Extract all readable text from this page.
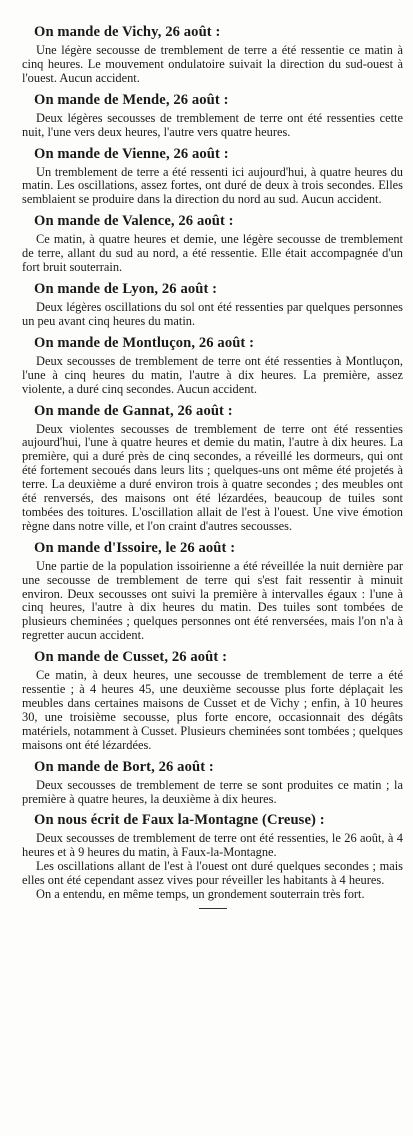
On mande de Vichy, 26 août :

Une légère secousse de tremblement de terre a été ressentie ce matin à cinq heures. Le mouvement ondulatoire suivait la direction du sud-ouest à l'ouest. Aucun accident.

On mande de Mende, 26 août :

Deux légères secousses de tremblement de terre ont été ressenties cette nuit, l'une vers deux heures, l'autre vers quatre heures.

On mande de Vienne, 26 août :

Un tremblement de terre a été ressenti ici aujourd'hui, à quatre heures du matin. Les oscillations, assez fortes, ont duré de deux à trois secondes. Elles semblaient se produire dans la direction du nord au sud. Aucun accident.

On mande de Valence, 26 août :

Ce matin, à quatre heures et demie, une légère secousse de tremblement de terre, allant du sud au nord, a été ressentie. Elle était accompagnée d'un fort bruit souterrain.

On mande de Lyon, 26 août :

Deux légères oscillations du sol ont été ressenties par quelques personnes un peu avant cinq heures du matin.

On mande de Montluçon, 26 août :

Deux secousses de tremblement de terre ont été ressenties à Montluçon, l'une à cinq heures du matin, l'autre à dix heures. La première, assez violente, a duré cinq secondes. Aucun accident.

On mande de Gannat, 26 août :

Deux violentes secousses de tremblement de terre ont été ressenties aujourd'hui, l'une à quatre heures et demie du matin, l'autre à dix heures. La première, qui a duré près de cinq secondes, a réveillé les dormeurs, qui ont été fortement secoués dans leurs lits ; quelques-uns ont même été projetés à terre. La deuxième a duré environ trois à quatre secondes ; des meubles ont été renversés, des maisons ont été lézardées, beaucoup de tuiles sont tombées des toitures. L'oscillation allait de l'est à l'ouest. Une vive émotion règne dans notre ville, et l'on craint d'autres secousses.

On mande d'Issoire, le 26 août :

Une partie de la population issoirienne a été réveillée la nuit dernière par une secousse de tremblement de terre qui s'est fait ressentir à minuit environ. Deux secousses ont suivi la première à intervalles égaux : l'une à cinq heures, l'autre à dix heures du matin. Des tuiles sont tombées de plusieurs cheminées ; quelques personnes ont été renversées, mais l'on n'a à regretter aucun accident.

On mande de Cusset, 26 août :

Ce matin, à deux heures, une secousse de tremblement de terre a été ressentie ; à 4 heures 45, une deuxième secousse plus forte déplaçait les meubles dans certaines maisons de Cusset et de Vichy ; enfin, à 10 heures 30, une troisième secousse, plus forte encore, occasionnait des dégâts matériels, notamment à Cusset. Plusieurs cheminées sont tombées ; quelques maisons ont été lézardées.

On mande de Bort, 26 août :

Deux secousses de tremblement de terre se sont produites ce matin ; la première à quatre heures, la deuxième à dix heures.

On nous écrit de Faux la-Montagne (Creuse) :

Deux secousses de tremblement de terre ont été ressenties, le 26 août, à 4 heures et à 9 heures du matin, à Faux-la-Montagne.

Les oscillations allant de l'est à l'ouest ont duré quelques secondes ; mais elles ont été cependant assez vives pour réveiller les habitants à 4 heures.

On a entendu, en même temps, un grondement souterrain très fort.
